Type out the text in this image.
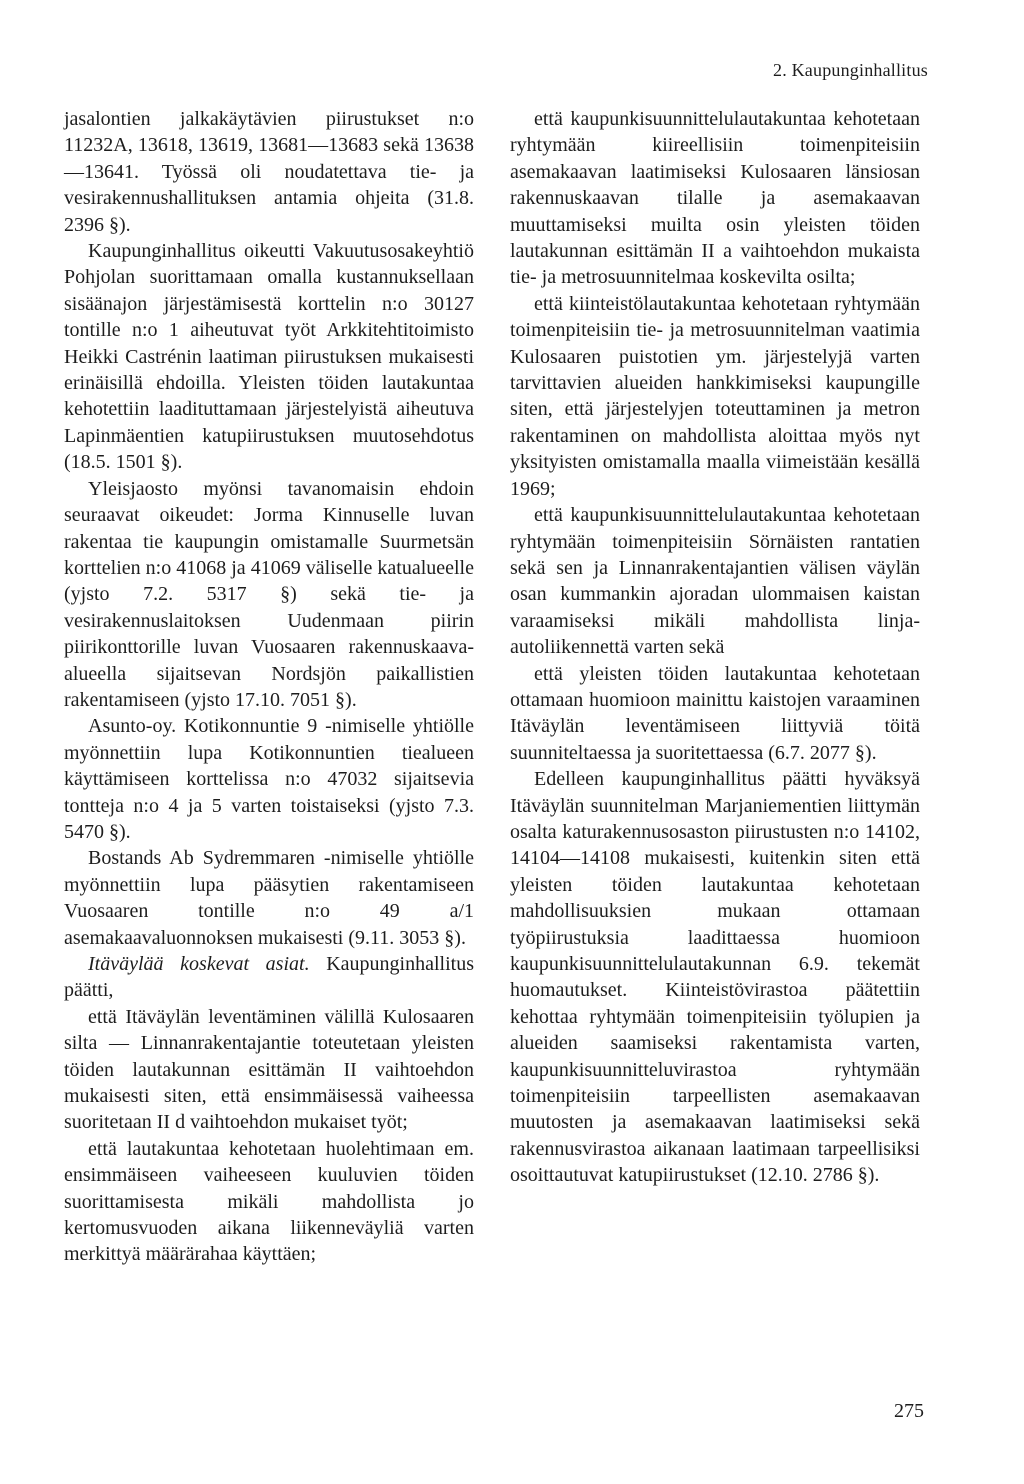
2. Kaupunginhallitus

jasalontien jalkakäytävien piirustukset n:o 11232A, 13618, 13619, 13681—13683 sekä 13638—13641. Työssä oli noudatettava tie- ja vesirakennushallituksen antamia ohjeita (31.8. 2396 §).

Kaupunginhallitus oikeutti Vakuutusosakeyhtiö Pohjolan suorittamaan omalla kustannuksellaan sisäänajon järjestämisestä korttelin n:o 30127 tontille n:o 1 aiheutuvat työt Arkkitehtitoimisto Heikki Castrénin laatiman piirustuksen mukaisesti erinäisillä ehdoilla. Yleisten töiden lautakuntaa kehotettiin laadituttamaan järjestelyistä aiheutuva Lapinmäentien katupiirustuksen muutosehdotus (18.5. 1501 §).

Yleisjaosto myönsi tavanomaisin ehdoin seuraavat oikeudet: Jorma Kinnuselle luvan rakentaa tie kaupungin omistamalle Suurmetsän korttelien n:o 41068 ja 41069 väliselle katualueelle (yjsto 7.2. 5317 §) sekä tie- ja vesirakennuslaitoksen Uudenmaan piirin piirikonttorille luvan Vuosaaren rakennuskaava-alueella sijaitsevan Nordsjön paikallistien rakentamiseen (yjsto 17.10. 7051 §).

Asunto-oy. Kotikonnuntie 9 -nimiselle yhtiölle myönnettiin lupa Kotikonnuntien tiealueen käyttämiseen korttelissa n:o 47032 sijaitsevia tontteja n:o 4 ja 5 varten toistaiseksi (yjsto 7.3. 5470 §).

Bostands Ab Sydremmaren -nimiselle yhtiölle myönnettiin lupa pääsytien rakentamiseen Vuosaaren tontille n:o 49 a/1 asemakaavaluonnoksen mukaisesti (9.11. 3053 §).

Itäväylää koskevat asiat. Kaupunginhallitus päätti,

että Itäväylän leventäminen välillä Kulosaaren silta — Linnanrakentajantie toteutetaan yleisten töiden lautakunnan esittämän II vaihtoehdon mukaisesti siten, että ensimmäisessä vaiheessa suoritetaan II d vaihtoehdon mukaiset työt;

että lautakuntaa kehotetaan huolehtimaan em. ensimmäiseen vaiheeseen kuuluvien töiden suorittamisesta mikäli mahdollista jo kertomusvuoden aikana liikenneväyliä varten merkittyä määrärahaa käyttäen;

että kaupunkisuunnittelulautakuntaa kehotetaan ryhtymään kiireellisiin toimenpiteisiin asemakaavan laatimiseksi Kulosaaren länsiosan rakennuskaavan tilalle ja asemakaavan muuttamiseksi muilta osin yleisten töiden lautakunnan esittämän II a vaihtoehdon mukaista tie- ja metrosuunnitelmaa koskevilta osilta;

että kiinteistölautakuntaa kehotetaan ryhtymään toimenpiteisiin tie- ja metrosuunnitelman vaatimia Kulosaaren puistotien ym. järjestelyjä varten tarvittavien alueiden hankkimiseksi kaupungille siten, että järjestelyjen toteuttaminen ja metron rakentaminen on mahdollista aloittaa myös nyt yksityisten omistamalla maalla viimeistään kesällä 1969;

että kaupunkisuunnittelulautakuntaa kehotetaan ryhtymään toimenpiteisiin Sörnäisten rantatien sekä sen ja Linnanrakentajantien välisen väylän osan kummankin ajoradan ulommaisen kaistan varaamiseksi mikäli mahdollista linja-autoliikennettä varten sekä

että yleisten töiden lautakuntaa kehotetaan ottamaan huomioon mainittu kaistojen varaaminen Itäväylän leventämiseen liittyviä töitä suunniteltaessa ja suoritettaessa (6.7. 2077 §).

Edelleen kaupunginhallitus päätti hyväksyä Itäväylän suunnitelman Marjaniementien liittymän osalta katurakennusosaston piirustusten n:o 14102, 14104—14108 mukaisesti, kuitenkin siten että yleisten töiden lautakuntaa kehotetaan mahdollisuuksien mukaan ottamaan työpiirustuksia laadittaessa huomioon kaupunkisuunnittelulautakunnan 6.9. tekemät huomautukset. Kiinteistövirastoa päätettiin kehottaa ryhtymään toimenpiteisiin työlupien ja alueiden saamiseksi rakentamista varten, kaupunkisuunnitteluvirastoa ryhtymään toimenpiteisiin tarpeellisten asemakaavan muutosten ja asemakaavan laatimiseksi sekä rakennusvirastoa aikanaan laatimaan tarpeellisiksi osoittautuvat katupiirustukset (12.10. 2786 §).

275
